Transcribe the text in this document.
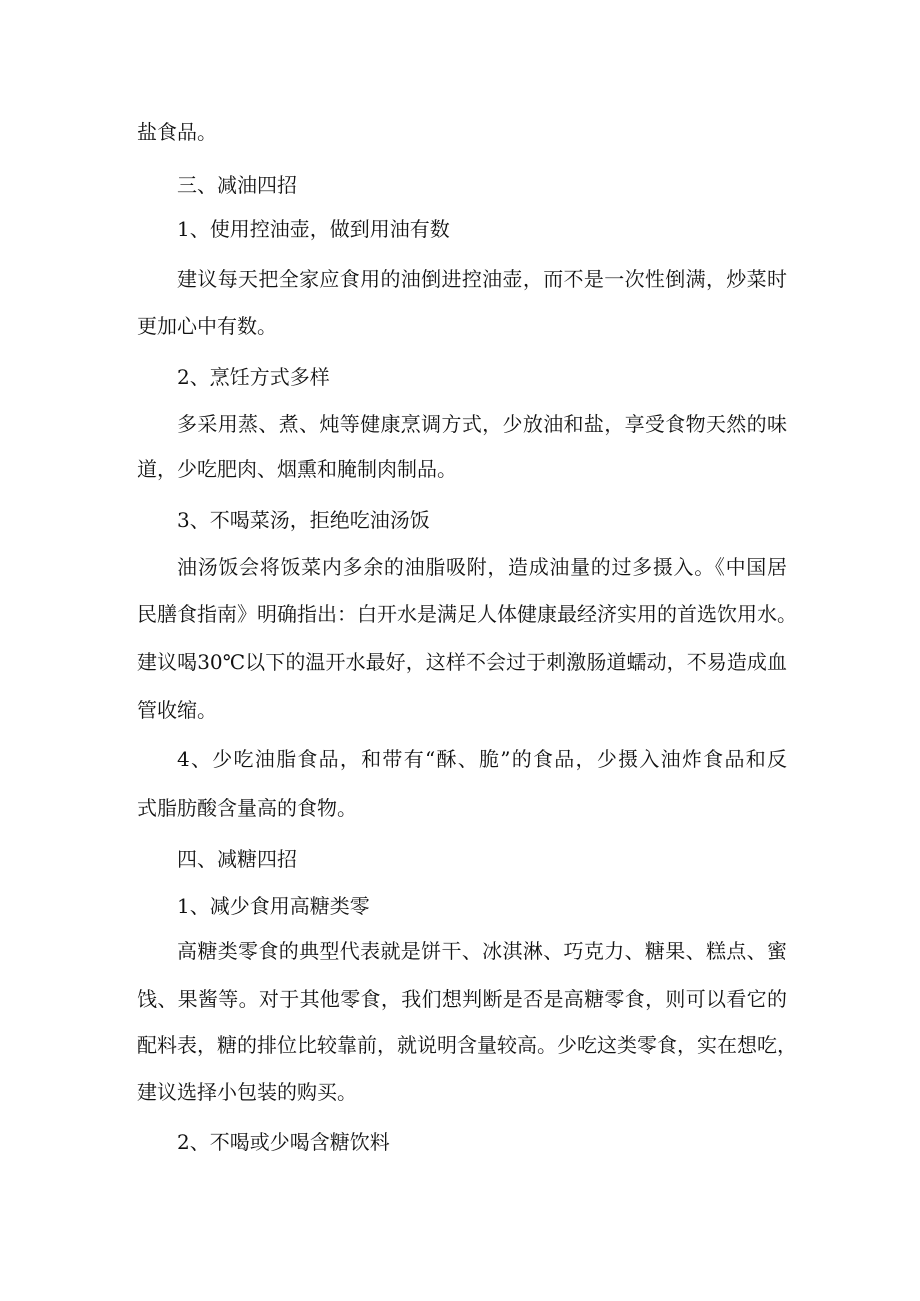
盐食品。
三、减油四招
1、使用控油壶，做到用油有数
建议每天把全家应食用的油倒进控油壶，而不是一次性倒满，炒菜时
更加心中有数。
2、烹饪方式多样
多采用蒸、煮、炖等健康烹调方式，少放油和盐，享受食物天然的味
道，少吃肥肉、烟熏和腌制肉制品。
3、不喝菜汤，拒绝吃油汤饭
油汤饭会将饭菜内多余的油脂吸附，造成油量的过多摄入。《中国居
民膳食指南》明确指出：白开水是满足人体健康最经济实用的首选饮用水。
建议喝30℃以下的温开水最好，这样不会过于刺激肠道蠕动，不易造成血
管收缩。
4、少吃油脂食品，和带有“酥、脆”的食品，少摄入油炸食品和反
式脂肪酸含量高的食物。
四、减糖四招
1、减少食用高糖类零
高糖类零食的典型代表就是饼干、冰淇淋、巧克力、糖果、糕点、蜜
饯、果酱等。对于其他零食，我们想判断是否是高糖零食，则可以看它的
配料表，糖的排位比较靠前，就说明含量较高。少吃这类零食，实在想吃，
建议选择小包装的购买。
2、不喝或少喝含糖饮料
